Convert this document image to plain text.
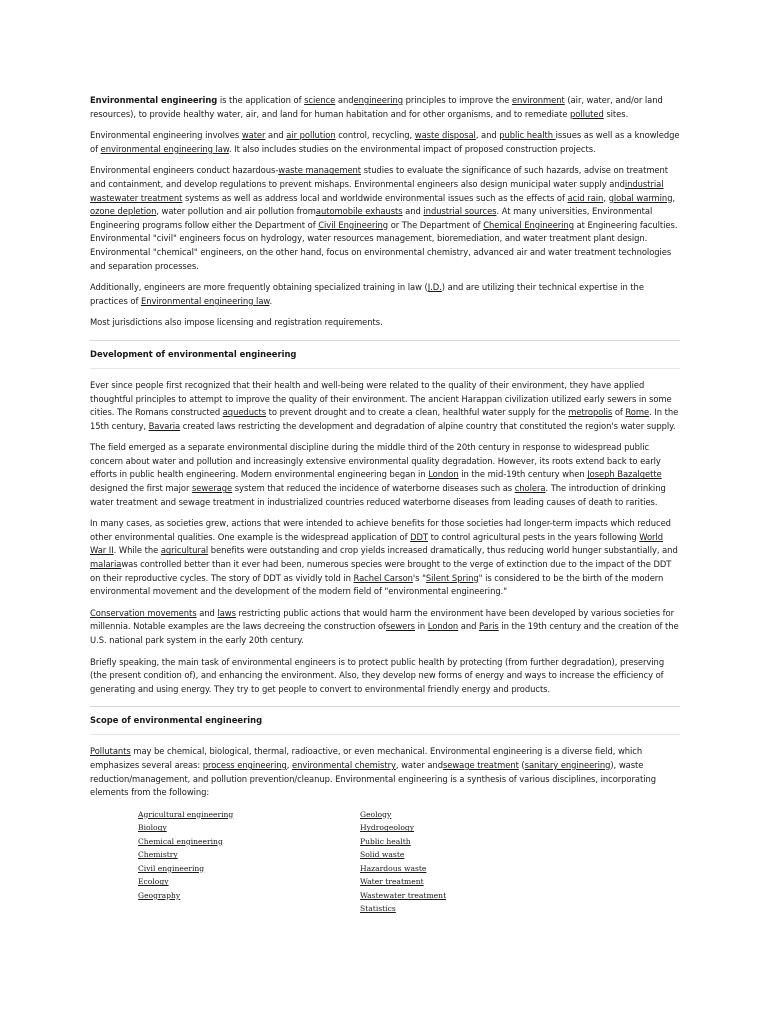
Environmental engineering is the application of science andengineering principles to improve the environment (air, water, and/or land resources), to provide healthy water, air, and land for human habitation and for other organisms, and to remediate polluted sites.

Environmental engineering involves water and air pollution control, recycling, waste disposal, and public health issues as well as a knowledge of environmental engineering law. It also includes studies on the environmental impact of proposed construction projects.

Environmental engineers conduct hazardous-waste management studies to evaluate the significance of such hazards, advise on treatment and containment, and develop regulations to prevent mishaps. Environmental engineers also design municipal water supply andindustrial wastewater treatment systems as well as address local and worldwide environmental issues such as the effects of acid rain, global warming, ozone depletion, water pollution and air pollution fromautomobile exhausts and industrial sources. At many universities, Environmental Engineering programs follow either the Department of Civil Engineering or The Department of Chemical Engineering at Engineering faculties. Environmental "civil" engineers focus on hydrology, water resources management, bioremediation, and water treatment plant design. Environmental "chemical" engineers, on the other hand, focus on environmental chemistry, advanced air and water treatment technologies and separation processes.

Additionally, engineers are more frequently obtaining specialized training in law (J.D.) and are utilizing their technical expertise in the practices of Environmental engineering law.

Most jurisdictions also impose licensing and registration requirements.

Development of environmental engineering

Ever since people first recognized that their health and well-being were related to the quality of their environment, they have applied thoughtful principles to attempt to improve the quality of their environment. The ancient Harappan civilization utilized early sewers in some cities. The Romans constructed aqueducts to prevent drought and to create a clean, healthful water supply for the metropolis of Rome. In the 15th century, Bavaria created laws restricting the development and degradation of alpine country that constituted the region's water supply.

The field emerged as a separate environmental discipline during the middle third of the 20th century in response to widespread public concern about water and pollution and increasingly extensive environmental quality degradation. However, its roots extend back to early efforts in public health engineering. Modern environmental engineering began in London in the mid-19th century when Joseph Bazalgette designed the first major sewerage system that reduced the incidence of waterborne diseases such as cholera. The introduction of drinking water treatment and sewage treatment in industrialized countries reduced waterborne diseases from leading causes of death to rarities.

In many cases, as societies grew, actions that were intended to achieve benefits for those societies had longer-term impacts which reduced other environmental qualities. One example is the widespread application of DDT to control agricultural pests in the years following World War II. While the agricultural benefits were outstanding and crop yields increased dramatically, thus reducing world hunger substantially, and malariawas controlled better than it ever had been, numerous species were brought to the verge of extinction due to the impact of the DDT on their reproductive cycles. The story of DDT as vividly told in Rachel Carson's "Silent Spring" is considered to be the birth of the modern environmental movement and the development of the modern field of "environmental engineering."

Conservation movements and laws restricting public actions that would harm the environment have been developed by various societies for millennia. Notable examples are the laws decreeing the construction ofsewers in London and Paris in the 19th century and the creation of the U.S. national park system in the early 20th century.

Briefly speaking, the main task of environmental engineers is to protect public health by protecting (from further degradation), preserving (the present condition of), and enhancing the environment. Also, they develop new forms of energy and ways to increase the efficiency of generating and using energy. They try to get people to convert to environmental friendly energy and products.

Scope of environmental engineering

Pollutants may be chemical, biological, thermal, radioactive, or even mechanical. Environmental engineering is a diverse field, which emphasizes several areas: process engineering, environmental chemistry, water andsewage treatment (sanitary engineering), waste reduction/management, and pollution prevention/cleanup. Environmental engineering is a synthesis of various disciplines, incorporating elements from the following:

Agricultural engineering
Biology
Chemical engineering
Chemistry
Civil engineering
Ecology
Geography
Geology
Hydrogeology
Public health
Solid waste
Hazardous waste
Water treatment
Wastewater treatment
Statistics
